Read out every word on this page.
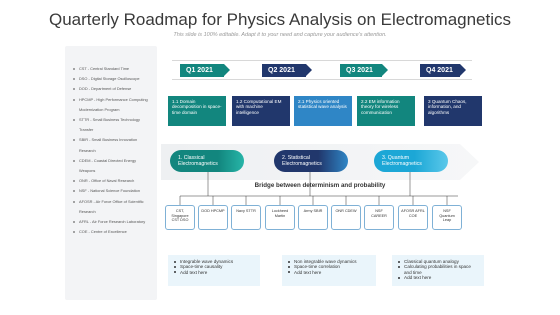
Quarterly Roadmap for Physics Analysis on Electromagnetics
This slide is 100% editable. Adapt it to your need and capture your audience's attention.
CST - Central Standard Time
DSO - Digital Storage Oscilloscope
DOD - Department of Defense
HPCMP - High Performance Computing Modernization Program
STTR - Small Business Technology Transfer
SBIR - Small Business Innovation Research
CDEM - Coastal Directed Energy Weapons
ONR - Office of Naval Research
NSF - National Science Foundation
AFOSR - Air Force Office of Scientific Research
AFRL - Air Force Research Laboratory
COE - Centre of Excellence
Q1 2021	Q2 2021	Q3 2021	Q4 2021
1.1 Domain decomposition in space-time domain
1.2 Computational EM with machine intelligence
2.1 Physics oriented statistical wave analysis
2.2 EM information theory for wireless communication
3 Quantum Chaos, information, and algorithms
1. Classical Electromagnetics
2. Statistical Electromagnetics
3. Quantum Electromagnetics
Bridge between determinism and probability
CST, Singapore CST DSO
DOD HPCMP	Navy STTR	Lockheed Martin
Army SBIR	ONR CDEW	NSF CAREER
AFOSR AFRL COE
NSF Quantum Leap
Integrable wave dynamics
Space-time causality
Add text here
Non integrable wave dynamics
Space-time correlation
Add text here
Classical quantum analogy
Calculating probabilities in space and time
Add text here
